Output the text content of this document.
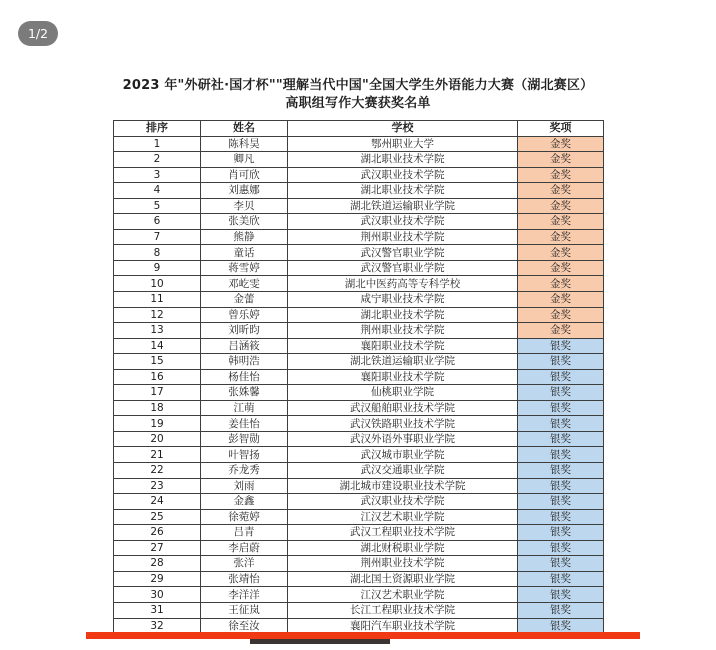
1/2
2023 年"外研社·国才杯""理解当代中国"全国大学生外语能力大赛（湖北赛区）
高职组写作大赛获奖名单
排序	姓名	学校	奖项
1	陈科昊	鄂州职业大学	金奖
2	卿凡	湖北职业技术学院	金奖
3	肖可欣	武汉职业技术学院	金奖
4	刘惠娜	湖北职业技术学院	金奖
5	李贝	湖北铁道运输职业学院	金奖
6	张美欣	武汉职业技术学院	金奖
7	熊静	荆州职业技术学院	金奖
8	童话	武汉警官职业学院	金奖
9	蒋雪婷	武汉警官职业学院	金奖
10	邓屹雯	湖北中医药高等专科学校	金奖
11	金蕾	咸宁职业技术学院	金奖
12	曾乐婷	湖北职业技术学院	金奖
13	刘昕昀	荆州职业技术学院	金奖
14	吕涵筱	襄阳职业技术学院	银奖
15	韩明浩	湖北铁道运输职业学院	银奖
16	杨佳怡	襄阳职业技术学院	银奖
17	张姝馨	仙桃职业学院	银奖
18	江萌	武汉船舶职业技术学院	银奖
19	姜佳怡	武汉铁路职业技术学院	银奖
20	彭智勋	武汉外语外事职业学院	银奖
21	叶智扬	武汉城市职业学院	银奖
22	乔龙秀	武汉交通职业学院	银奖
23	刘雨	湖北城市建设职业技术学院	银奖
24	金鑫	武汉职业技术学院	银奖
25	徐菀婷	江汉艺术职业学院	银奖
26	吕青	武汉工程职业技术学院	银奖
27	李启蔚	湖北财税职业学院	银奖
28	张洋	荆州职业技术学院	银奖
29	张靖怡	湖北国土资源职业学院	银奖
30	李洋洋	江汉艺术职业学院	银奖
31	王征岚	长江工程职业技术学院	银奖
32	徐至汝	襄阳汽车职业技术学院	银奖
